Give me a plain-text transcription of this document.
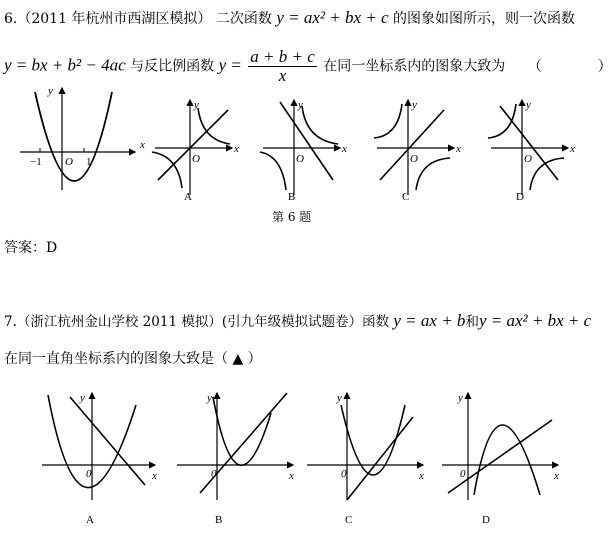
6.（2011 年杭州市西湖区模拟） 二次函数 y = ax² + bx + c 的图象如图所示，则一次函数
y = bx + b² − 4ac 与反比例函数 $y = \frac{a + b + c}{x}$ 在同一坐标系内的图象大致为 （　　　　）
−1	1
O
x
y
x
y
O
A
x
y
O
B
x
y
O
C
x
y
O
D
第 6 题
答案：D
7.（浙江杭州金山学校 2011 模拟）(引九年级模拟试题卷）函数 y = ax + b和y = ax² + bx + c
在同一直角坐标系内的图象大致是（ ▲ ）
x
y
0
A
x
y
0
B
x
y
0
C
x
y
0
D
